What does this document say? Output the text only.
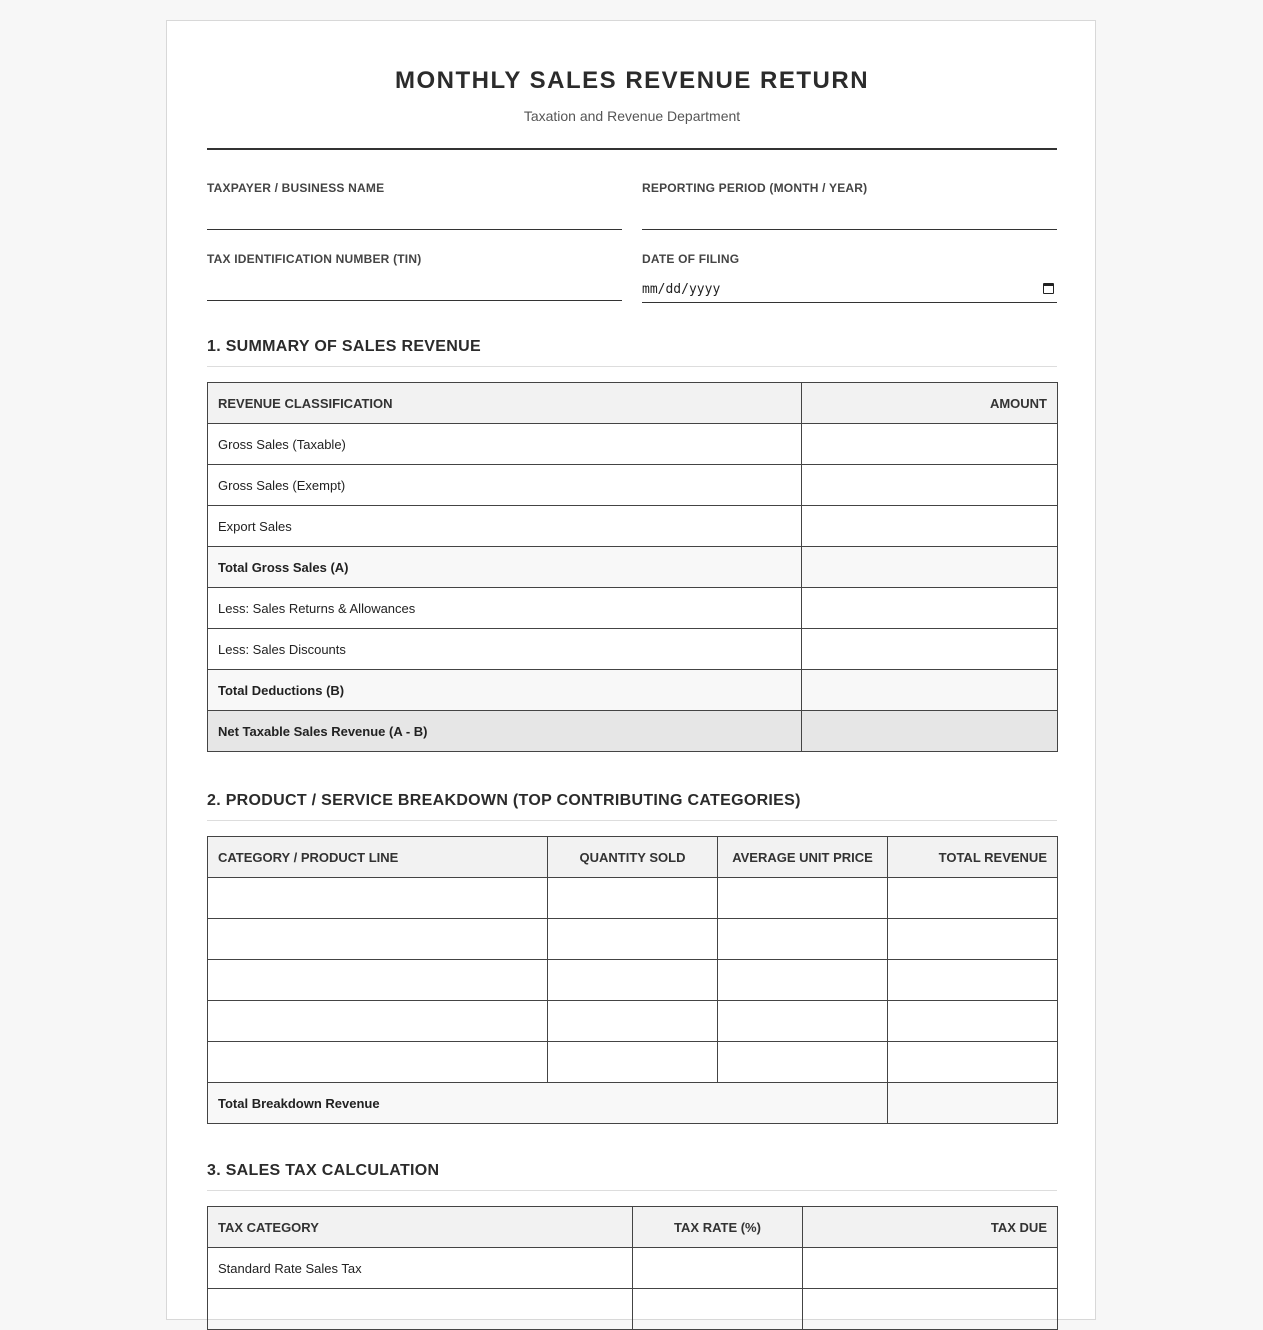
MONTHLY SALES REVENUE RETURN
Taxation and Revenue Department
TAXPAYER / BUSINESS NAME	REPORTING PERIOD (MONTH / YEAR)
TAX IDENTIFICATION NUMBER (TIN)	DATE OF FILING
mm/dd/yyyy
1. SUMMARY OF SALES REVENUE
REVENUE CLASSIFICATION	AMOUNT
Gross Sales (Taxable)	
Gross Sales (Exempt)	
Export Sales	
Total Gross Sales (A)	
Less: Sales Returns & Allowances	
Less: Sales Discounts	
Total Deductions (B)	
Net Taxable Sales Revenue (A - B)	
2. PRODUCT / SERVICE BREAKDOWN (TOP CONTRIBUTING CATEGORIES)
CATEGORY / PRODUCT LINE	QUANTITY SOLD	AVERAGE UNIT PRICE	TOTAL REVENUE

Total Breakdown Revenue			
3. SALES TAX CALCULATION
TAX CATEGORY	TAX RATE (%)	TAX DUE
Standard Rate Sales Tax		
